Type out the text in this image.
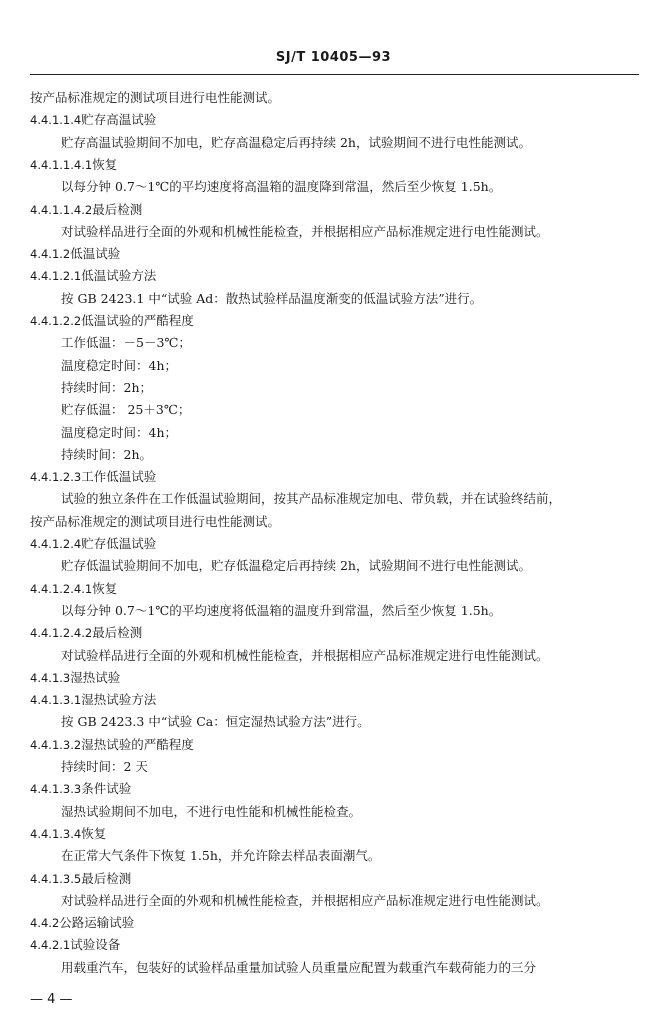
SJ/T 10405—93
按产品标准规定的测试项目进行电性能测试。
4.4.1.1.4贮存高温试验
贮存高温试验期间不加电，贮存高温稳定后再持续 2h，试验期间不进行电性能测试。
4.4.1.1.4.1恢复
以每分钟 0.7～1℃的平均速度将高温箱的温度降到常温，然后至少恢复 1.5h。
4.4.1.1.4.2最后检测
对试验样品进行全面的外观和机械性能检查，并根据相应产品标准规定进行电性能测试。
4.4.1.2低温试验
4.4.1.2.1低温试验方法
按 GB 2423.1 中“试验 Ad：散热试验样品温度渐变的低温试验方法”进行。
4.4.1.2.2低温试验的严酷程度
工作低温：－5－3℃；
温度稳定时间：4h；
持续时间：2h；
贮存低温： 25＋3℃；
温度稳定时间：4h；
持续时间：2h。
4.4.1.2.3工作低温试验
试验的独立条件在工作低温试验期间，按其产品标准规定加电、带负载，并在试验终结前，
按产品标准规定的测试项目进行电性能测试。
4.4.1.2.4贮存低温试验
贮存低温试验期间不加电，贮存低温稳定后再持续 2h，试验期间不进行电性能测试。
4.4.1.2.4.1恢复
以每分钟 0.7～1℃的平均速度将低温箱的温度升到常温，然后至少恢复 1.5h。
4.4.1.2.4.2最后检测
对试验样品进行全面的外观和机械性能检查，并根据相应产品标准规定进行电性能测试。
4.4.1.3湿热试验
4.4.1.3.1湿热试验方法
按 GB 2423.3 中“试验 Ca：恒定湿热试验方法”进行。
4.4.1.3.2湿热试验的严酷程度
持续时间：2 天
4.4.1.3.3条件试验
湿热试验期间不加电，不进行电性能和机械性能检查。
4.4.1.3.4恢复
在正常大气条件下恢复 1.5h，并允许除去样品表面潮气。
4.4.1.3.5最后检测
对试验样品进行全面的外观和机械性能检查，并根据相应产品标准规定进行电性能测试。
4.4.2公路运输试验
4.4.2.1试验设备
用载重汽车，包装好的试验样品重量加试验人员重量应配置为载重汽车载荷能力的三分
— 4 —
